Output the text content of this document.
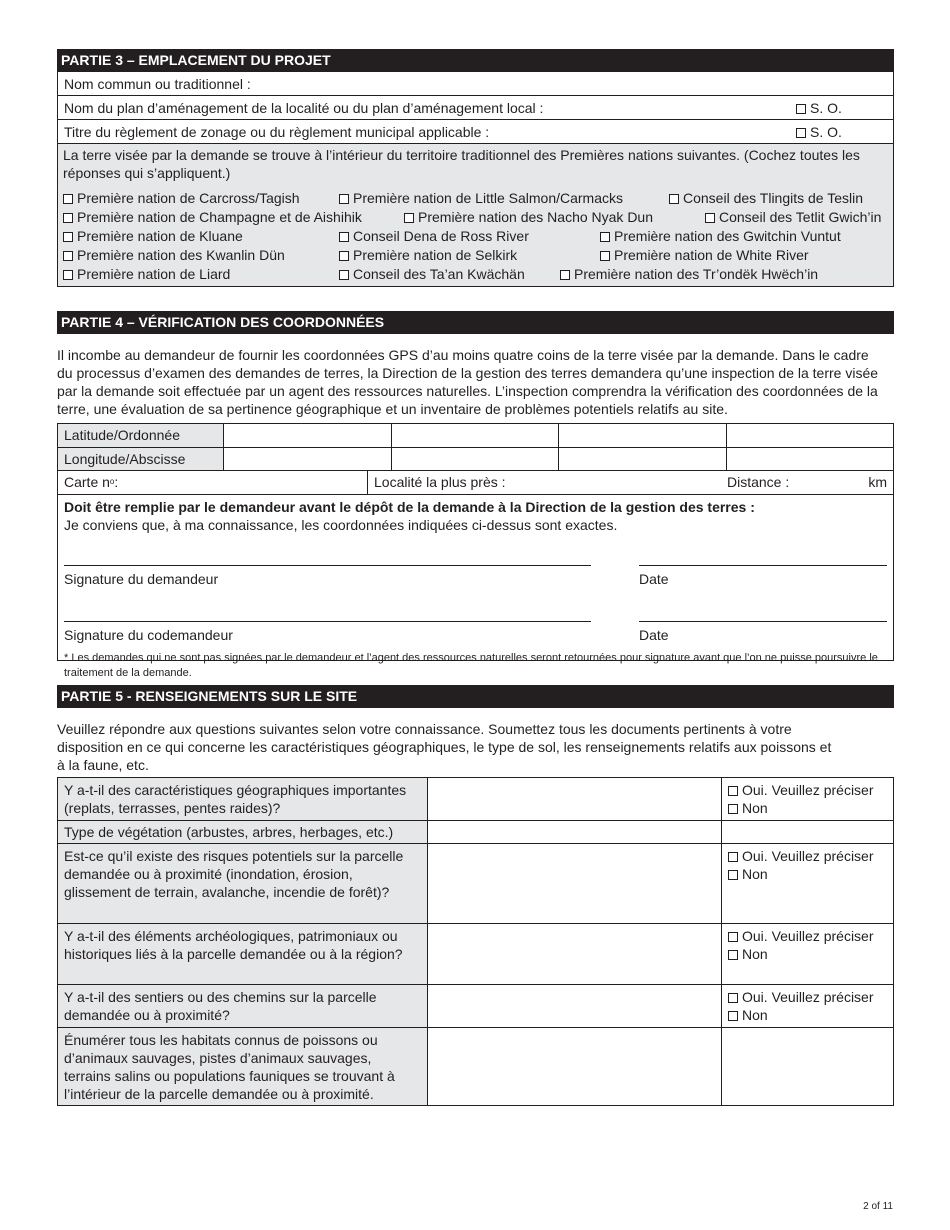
PARTIE 3 – EMPLACEMENT DU PROJET
Nom commun ou traditionnel :
Nom du plan d’aménagement de la localité ou du plan d’aménagement local :	S. O.
Titre du règlement de zonage ou du règlement municipal applicable :	S. O.

La terre visée par la demande se trouve à l’intérieur du territoire traditionnel des Premières nations suivantes. (Cochez toutes les réponses qui s’appliquent.)

Première nation de Carcross/Tagish	Première nation de Little Salmon/Carmacks	Conseil des Tlingits de Teslin
Première nation de Champagne et de Aishihik	Première nation des Nacho Nyak Dun	Conseil des Tetlit Gwich’in
Première nation de Kluane	Conseil Dena de Ross River	Première nation des Gwitchin Vuntut
Première nation des Kwanlin Dün	Première nation de Selkirk	Première nation de White River
Première nation de Liard	Conseil des Ta’an Kwächän	Première nation des Tr’ondëk Hwëch’in
PARTIE 4 – VÉRIFICATION DES COORDONNÉES

Il incombe au demandeur de fournir les coordonnées GPS d’au moins quatre coins de la terre visée par la demande. Dans le cadre du processus d’examen des demandes de terres, la Direction de la gestion des terres demandera qu’une inspection de la terre visée par la demande soit effectuée par un agent des ressources naturelles. L’inspection comprendra la vérification des coordonnées de la terre, une évaluation de sa pertinence géographique et un inventaire de problèmes potentiels relatifs au site.

Latitude/Ordonnée				
Longitude/Abscisse				
Carte n o :	Localité la plus près :	Distance :	km
Doit être remplie par le demandeur avant le dépôt de la demande à la Direction de la gestion des terres :
Je conviens que, à ma connaissance, les coordonnées indiquées ci-dessus sont exactes.
Signature du demandeur	Date
Signature du codemandeur	Date
* Les demandes qui ne sont pas signées par le demandeur et l’agent des ressources naturelles seront retournées pour signature avant que l’on ne puisse poursuivre le traitement de la demande.
PARTIE 5 - RENSEIGNEMENTS SUR LE SITE

Veuillez répondre aux questions suivantes selon votre connaissance. Soumettez tous les documents pertinents à votre disposition en ce qui concerne les caractéristiques géographiques, le type de sol, les renseignements relatifs aux poissons et à la faune, etc.

Y a-t-il des caractéristiques géographiques importantes (replats, terrasses, pentes raides)?		Oui. Veuillez préciser
Non

Type de végétation (arbustes, arbres, herbages, etc.)		
Est-ce qu’il existe des risques potentiels sur la parcelle demandée ou à proximité (inondation, érosion, glissement de terrain, avalanche, incendie de forêt)?		Oui. Veuillez préciser
Non

Y a-t-il des éléments archéologiques, patrimoniaux ou historiques liés à la parcelle demandée ou à la région?		Oui. Veuillez préciser
Non

Y a-t-il des sentiers ou des chemins sur la parcelle demandée ou à proximité?		Oui. Veuillez préciser
Non

Énumérer tous les habitats connus de poissons ou d’animaux sauvages, pistes d’animaux sauvages, terrains salins ou populations fauniques se trouvant à l’intérieur de la parcelle demandée ou à proximité.		
2 of 11
